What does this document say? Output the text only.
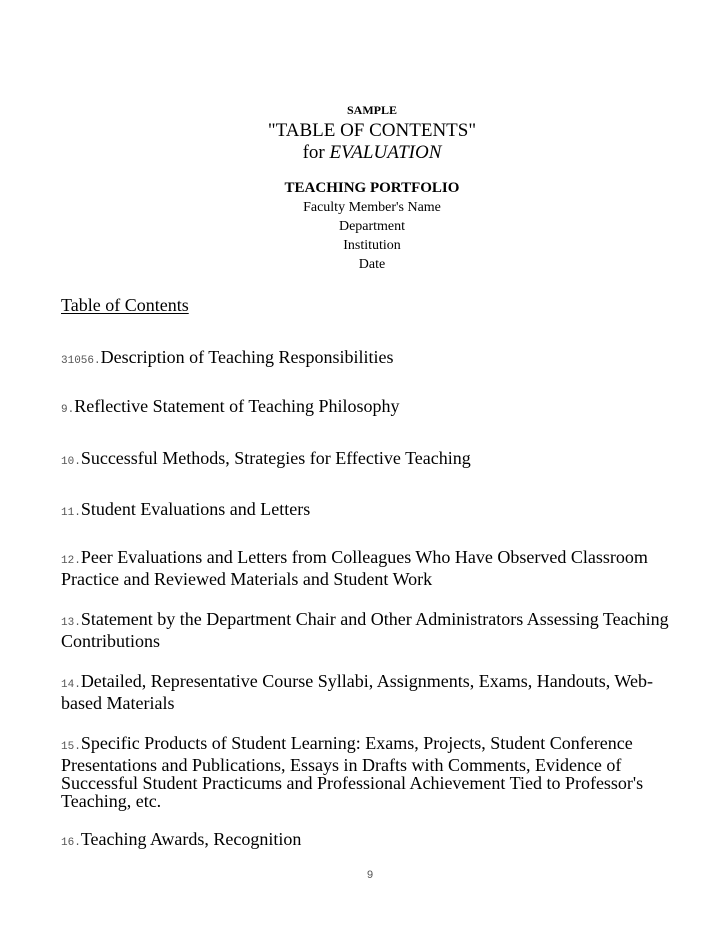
SAMPLE
"TABLE OF CONTENTS"
for EVALUATION
TEACHING PORTFOLIO
Faculty Member's Name
Department
Institution
Date
Table of Contents
31056.Description of Teaching Responsibilities
9.Reflective Statement of Teaching Philosophy
10.Successful Methods, Strategies for Effective Teaching
11.Student Evaluations and Letters
12.Peer Evaluations and Letters from Colleagues Who Have Observed Classroom Practice and Reviewed Materials and Student Work
13.Statement by the Department Chair and Other Administrators Assessing Teaching Contributions
14.Detailed, Representative Course Syllabi, Assignments, Exams, Handouts, Web-based Materials
15.Specific Products of Student Learning: Exams, Projects, Student Conference Presentations and Publications, Essays in Drafts with Comments, Evidence of Successful Student Practicums and Professional Achievement Tied to Professor's Teaching, etc.
16.Teaching Awards, Recognition
9
